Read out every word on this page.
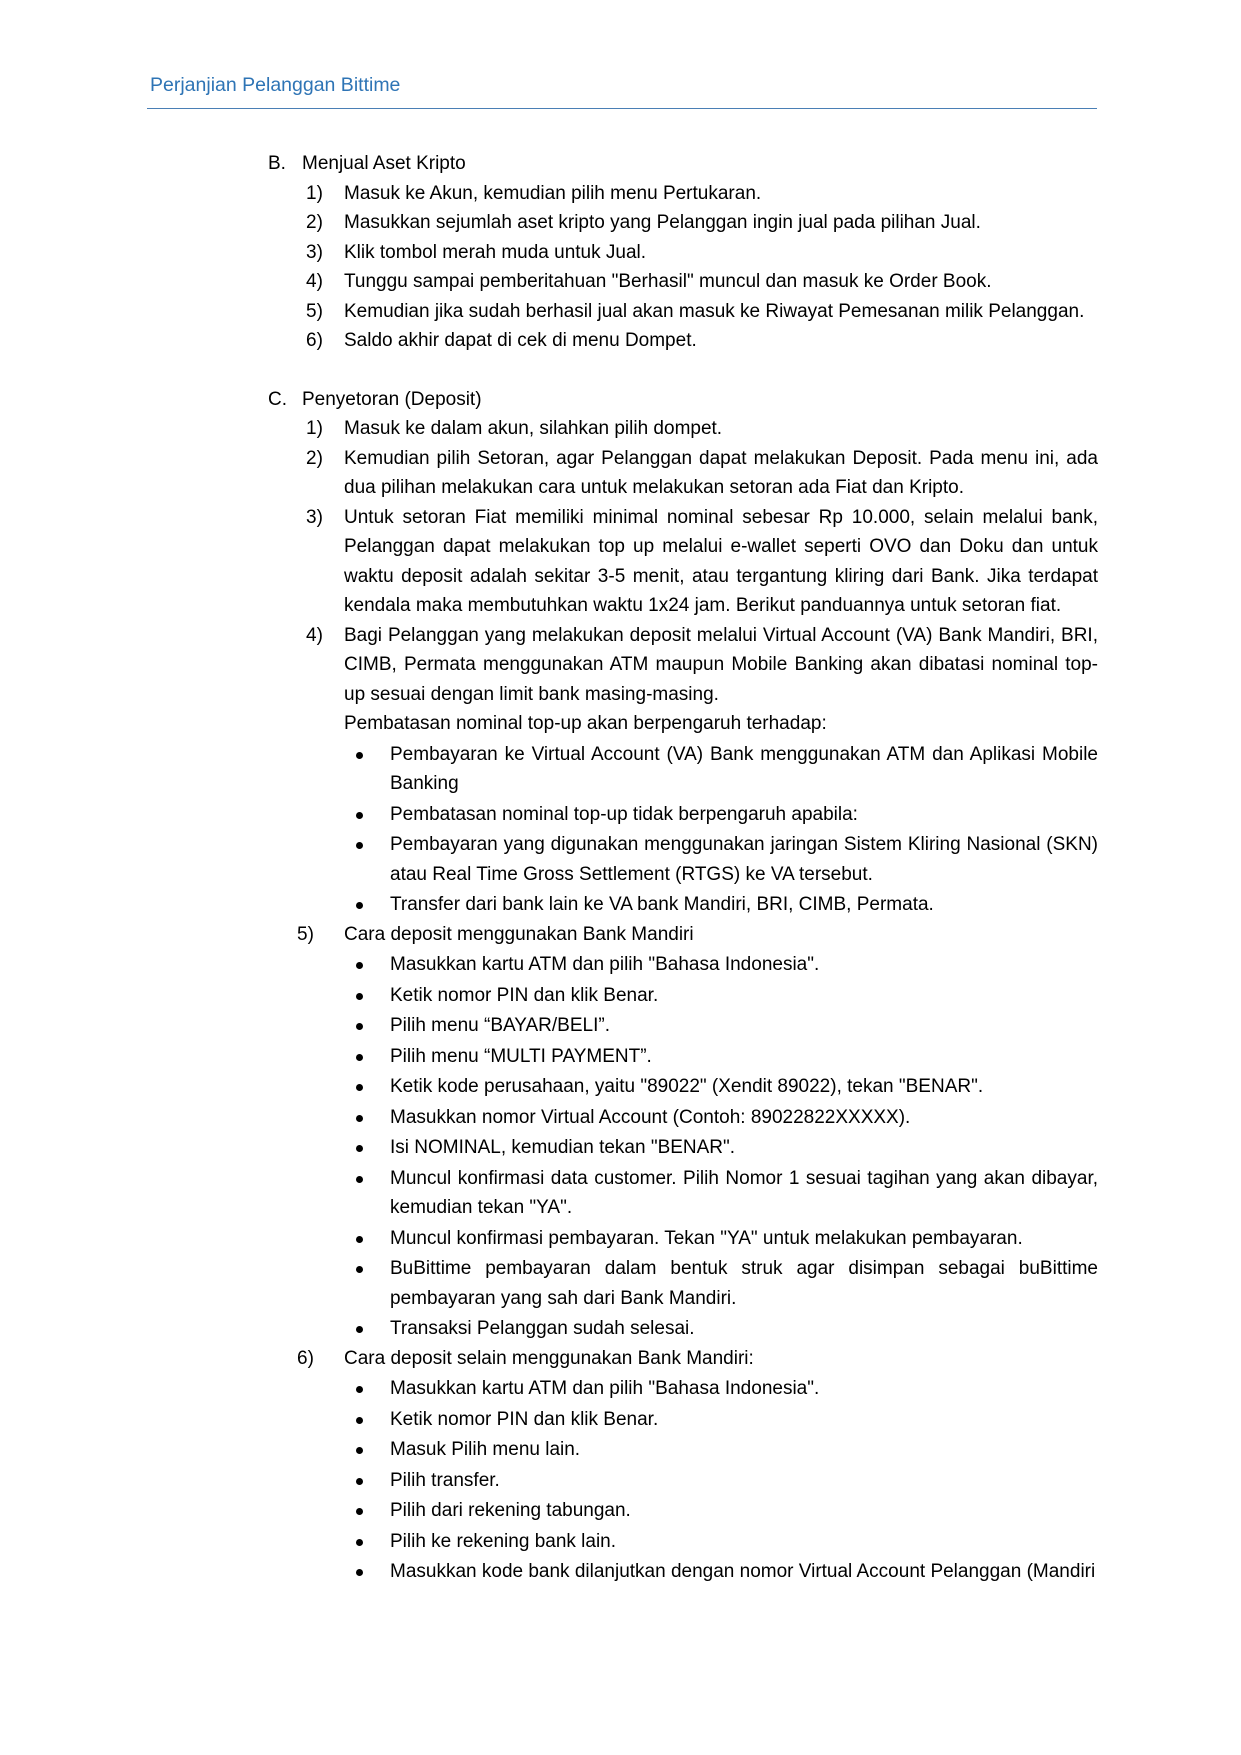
Perjanjian Pelanggan Bittime
B. Menjual Aset Kripto
1) Masuk ke Akun, kemudian pilih menu Pertukaran.
2) Masukkan sejumlah aset kripto yang Pelanggan ingin jual pada pilihan Jual.
3) Klik tombol merah muda untuk Jual.
4) Tunggu sampai pemberitahuan "Berhasil" muncul dan masuk ke Order Book.
5) Kemudian jika sudah berhasil jual akan masuk ke Riwayat Pemesanan milik Pelanggan.
6) Saldo akhir dapat di cek di menu Dompet.
C. Penyetoran (Deposit)
1) Masuk ke dalam akun, silahkan pilih dompet.
2) Kemudian pilih Setoran, agar Pelanggan dapat melakukan Deposit. Pada menu ini, ada dua pilihan melakukan cara untuk melakukan setoran ada Fiat dan Kripto.
3) Untuk setoran Fiat memiliki minimal nominal sebesar Rp 10.000, selain melalui bank, Pelanggan dapat melakukan top up melalui e-wallet seperti OVO dan Doku dan untuk waktu deposit adalah sekitar 3-5 menit, atau tergantung kliring dari Bank. Jika terdapat kendala maka membutuhkan waktu 1x24 jam. Berikut panduannya untuk setoran fiat.
4) Bagi Pelanggan yang melakukan deposit melalui Virtual Account (VA) Bank Mandiri, BRI, CIMB, Permata menggunakan ATM maupun Mobile Banking akan dibatasi nominal top-up sesuai dengan limit bank masing-masing.
Pembatasan nominal top-up akan berpengaruh terhadap:
Pembayaran ke Virtual Account (VA) Bank menggunakan ATM dan Aplikasi Mobile Banking
Pembatasan nominal top-up tidak berpengaruh apabila:
Pembayaran yang digunakan menggunakan jaringan Sistem Kliring Nasional (SKN) atau Real Time Gross Settlement (RTGS) ke VA tersebut.
Transfer dari bank lain ke VA bank Mandiri, BRI, CIMB, Permata.
5) Cara deposit menggunakan Bank Mandiri
Masukkan kartu ATM dan pilih "Bahasa Indonesia".
Ketik nomor PIN dan klik Benar.
Pilih menu “BAYAR/BELI”.
Pilih menu “MULTI PAYMENT”.
Ketik kode perusahaan, yaitu "89022" (Xendit 89022), tekan "BENAR".
Masukkan nomor Virtual Account (Contoh: 89022822XXXXX).
Isi NOMINAL, kemudian tekan "BENAR".
Muncul konfirmasi data customer. Pilih Nomor 1 sesuai tagihan yang akan dibayar, kemudian tekan "YA".
Muncul konfirmasi pembayaran. Tekan "YA" untuk melakukan pembayaran.
BuBittime pembayaran dalam bentuk struk agar disimpan sebagai buBittime pembayaran yang sah dari Bank Mandiri.
Transaksi Pelanggan sudah selesai.
6) Cara deposit selain menggunakan Bank Mandiri:
Masukkan kartu ATM dan pilih "Bahasa Indonesia".
Ketik nomor PIN dan klik Benar.
Masuk Pilih menu lain.
Pilih transfer.
Pilih dari rekening tabungan.
Pilih ke rekening bank lain.
Masukkan kode bank dilanjutkan dengan nomor Virtual Account Pelanggan (Mandiri
